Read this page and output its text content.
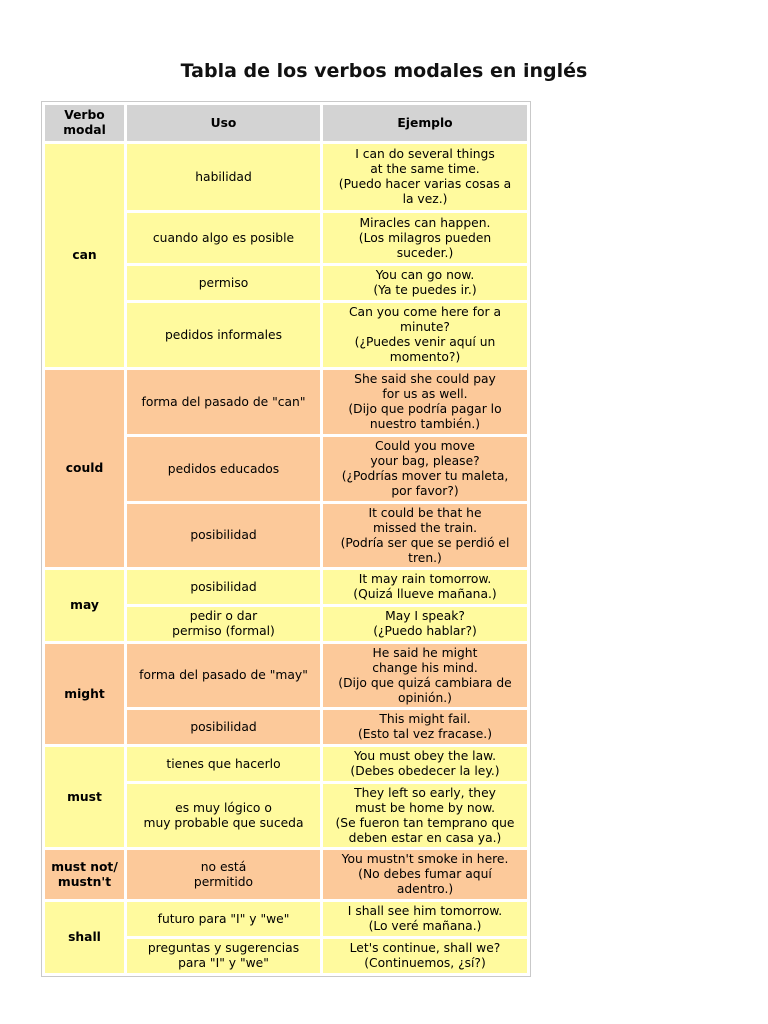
Tabla de los verbos modales en inglés
Verbo
modal	Uso	Ejemplo
can	habilidad	I can do several things
at the same time.
(Puedo hacer varias cosas a
la vez.)

	cuando algo es posible	Miracles can happen.
(Los milagros pueden
suceder.)

	permiso	You can go now.
(Ya te puedes ir.)

	pedidos informales	Can you come here for a
minute?
(¿Puedes venir aquí un
momento?)

could	forma del pasado de "can"	She said she could pay
for us as well.
(Dijo que podría pagar lo
nuestro también.)

	pedidos educados	Could you move
your bag, please?
(¿Podrías mover tu maleta,
por favor?)

	posibilidad	It could be that he
missed the train.
(Podría ser que se perdió el
tren.)

may	posibilidad	It may rain tomorrow.
(Quizá llueve mañana.)

	pedir o dar
permiso (formal)	May I speak?
(¿Puedo hablar?)

might	forma del pasado de "may"	He said he might
change his mind.
(Dijo que quizá cambiara de
opinión.)

	posibilidad	This might fail.
(Esto tal vez fracase.)

must	tienes que hacerlo	You must obey the law.
(Debes obedecer la ley.)

	es muy lógico o
muy probable que suceda	They left so early, they
must be home by now.
(Se fueron tan temprano que
deben estar en casa ya.)

must not/ mustn't	no está
permitido	You mustn't smoke in here.
(No debes fumar aquí
adentro.)

shall	futuro para "I" y "we"	I shall see him tomorrow.
(Lo veré mañana.)

	preguntas y sugerencias
para "I" y "we"	Let's continue, shall we?
(Continuemos, ¿sí?)
